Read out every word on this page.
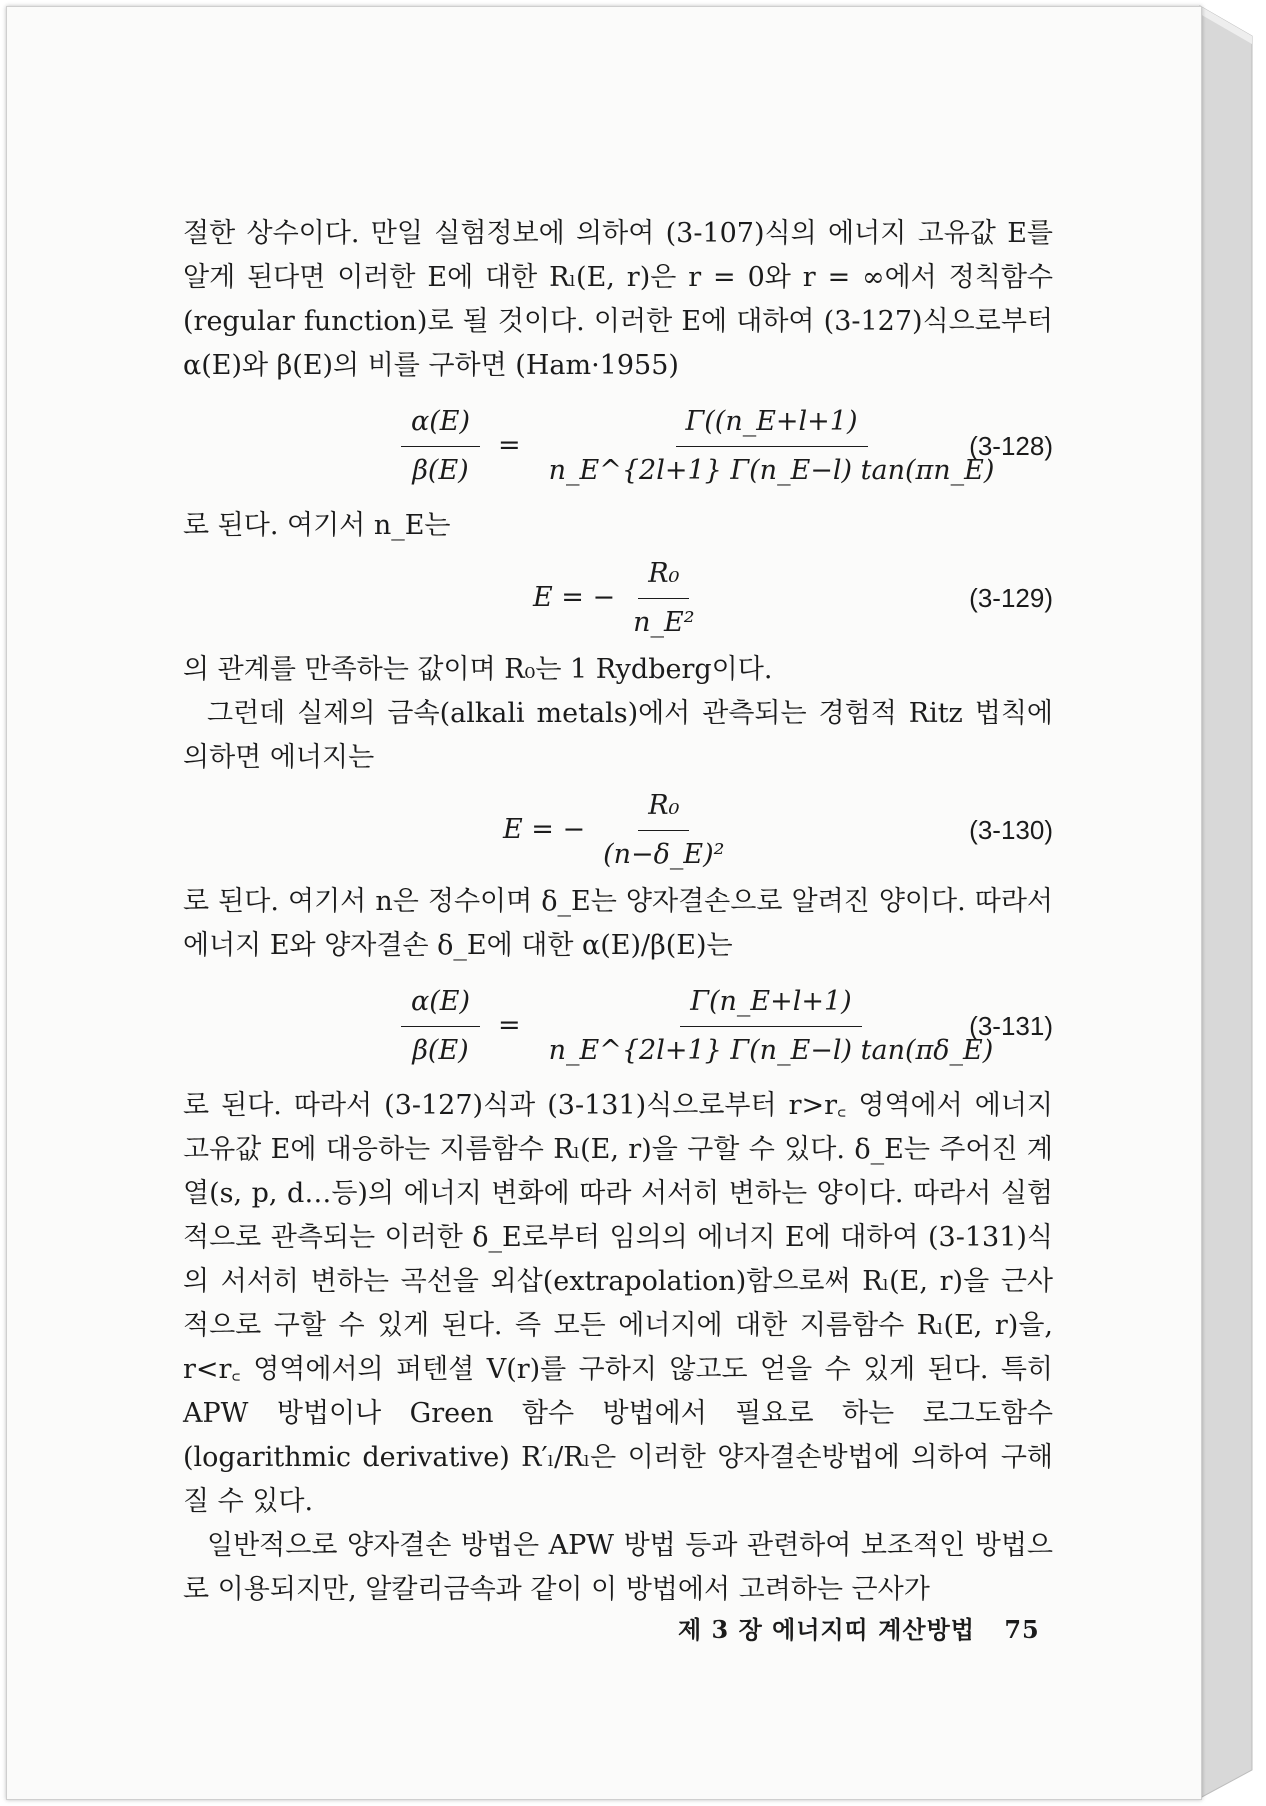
절한 상수이다. 만일 실험정보에 의하여 (3-107)식의 에너지 고유값 E를 알게 된다면 이러한 E에 대한 Rₗ(E, r)은 r = 0와 r = ∞에서 정칙함수(regular function)로 될 것이다. 이러한 E에 대하여 (3-127)식으로부터 α(E)와 β(E)의 비를 구하면 (Ham·1955)

$\frac{\alpha(E)}{\beta(E)} = \frac{\Gamma((n\_E+l+1)}{n\_E\^{}\{2l+1\} \Gamma(n\_E-l) \tan(\pi n\_E)}$
(3-128)

로 된다. 여기서 n_E는

E = − $\frac{\text{R₀}}{\text{n\_E²}}$	(3-129)

의 관계를 만족하는 값이며 R₀는 1 Rydberg이다.

그런데 실제의 금속(alkali metals)에서 관측되는 경험적 Ritz 법칙에 의하면 에너지는

E = − $\frac{\text{R₀}}{\text{(n−δ\_E)²}}$	(3-130)

로 된다. 여기서 n은 정수이며 δ_E는 양자결손으로 알려진 양이다. 따라서 에너지 E와 양자결손 δ_E에 대한 α(E)/β(E)는

$\frac{\alpha(E)}{\beta(E)} = \frac{\Gamma(n\_E+l+1)}{n\_E\^{}\{2l+1\} \Gamma(n\_E-l) \tan(\pi\delta\_E)}$
(3-131)

로 된다. 따라서 (3-127)식과 (3-131)식으로부터 r>r꜀ 영역에서 에너지 고유값 E에 대응하는 지름함수 Rₗ(E, r)을 구할 수 있다. δ_E는 주어진 계열(s, p, d…등)의 에너지 변화에 따라 서서히 변하는 양이다. 따라서 실험적으로 관측되는 이러한 δ_E로부터 임의의 에너지 E에 대하여 (3-131)식의 서서히 변하는 곡선을 외삽(extrapolation)함으로써 Rₗ(E, r)을 근사적으로 구할 수 있게 된다. 즉 모든 에너지에 대한 지름함수 Rₗ(E, r)을, r<r꜀ 영역에서의 퍼텐셜 V(r)를 구하지 않고도 얻을 수 있게 된다. 특히 APW 방법이나 Green 함수 방법에서 필요로 하는 로그도함수(logarithmic derivative) R′ₗ/Rₗ은 이러한 양자결손방법에 의하여 구해질 수 있다.

일반적으로 양자결손 방법은 APW 방법 등과 관련하여 보조적인 방법으로 이용되지만, 알칼리금속과 같이 이 방법에서 고려하는 근사가

제 3 장 에너지띠 계산방법 75
